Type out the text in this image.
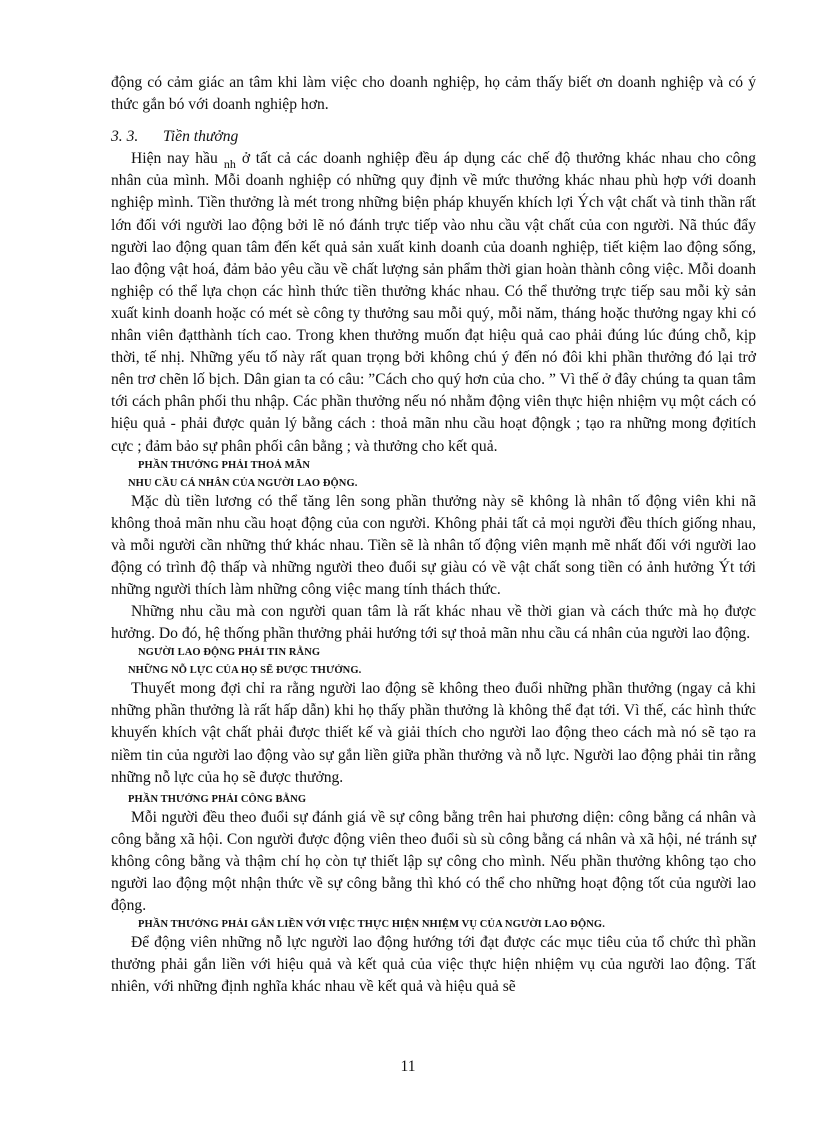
động có cảm giác an tâm khi làm việc cho doanh nghiệp, họ cảm thấy biết ơn doanh nghiệp và có ý thức gắn bó với doanh nghiệp hơn.

3. 3. Tiền thưởng

Hiện nay hầu $_{nh}$ ở tất cả các doanh nghiệp đều áp dụng các chế độ thưởng khác nhau cho công nhân của mình. Mỗi doanh nghiệp có những quy định về mức thưởng khác nhau phù hợp với doanh nghiệp mình. Tiền thưởng là mét trong những biện pháp khuyến khích lợi Ých vật chất và tinh thần rất lớn đối với người lao động bởi lẽ nó đánh trực tiếp vào nhu cầu vật chất của con người. Nã thúc đẩy người lao động quan tâm đến kết quả sản xuất kinh doanh của doanh nghiệp, tiết kiệm lao động sống, lao động vật hoá, đảm bảo yêu cầu về chất lượng sản phẩm thời gian hoàn thành công việc. Mỗi doanh nghiệp có thể lựa chọn các hình thức tiền thưởng khác nhau. Có thể thưởng trực tiếp sau mỗi kỳ sản xuất kinh doanh hoặc có mét sè công ty thưởng sau mỗi quý, mỗi năm, tháng hoặc thưởng ngay khi có nhân viên đạtthành tích cao. Trong khen thưởng muốn đạt hiệu quả cao phải đúng lúc đúng chỗ, kịp thời, tế nhị. Những yếu tố này rất quan trọng bởi không chú ý đến nó đôi khi phần thưởng đó lại trở nên trơ chẽn lố bịch. Dân gian ta có câu: ”Cách cho quý hơn của cho. ” Vì thế ở đây chúng ta quan tâm tới cách phân phối thu nhập. Các phần thưởng nếu nó nhằm động viên thực hiện nhiệm vụ một cách có hiệu quả - phải được quản lý bằng cách : thoả mãn nhu cầu hoạt độngk ; tạo ra những mong đợitích cực ; đảm bảo sự phân phối cân bằng ; và thưởng cho kết quả.

PHẦN THƯỞNG PHẢI THOẢ MÃN

NHU CẦU CÁ NHÂN CỦA NGƯỜI LAO ĐỘNG.

Mặc dù tiền lương có thể tăng lên song phần thưởng này sẽ không là nhân tố động viên khi nã không thoả mãn nhu cầu hoạt động của con người. Không phải tất cả mọi người đều thích giống nhau, và mỗi người cần những thứ khác nhau. Tiền sẽ là nhân tố động viên mạnh mẽ nhất đối với người lao động có trình độ thấp và những người theo đuổi sự giàu có về vật chất song tiền có ảnh hưởng Ýt tới những người thích làm những công việc mang tính thách thức.

Những nhu cầu mà con người quan tâm là rất khác nhau về thời gian và cách thức mà họ được hưởng. Do đó, hệ thống phần thưởng phải hướng tới sự thoả mãn nhu cầu cá nhân của người lao động.

NGƯỜI LAO ĐỘNG PHẢI TIN RẰNG

NHỮNG NỖ LỰC CỦA HỌ SẼ ĐƯỢC THƯỞNG.

Thuyết mong đợi chỉ ra rằng người lao động sẽ không theo đuổi những phần thưởng (ngay cả khi những phần thưởng là rất hấp dẫn) khi họ thấy phần thưởng là không thể đạt tới. Vì thế, các hình thức khuyến khích vật chất phải được thiết kế và giải thích cho người lao động theo cách mà nó sẽ tạo ra niềm tin của người lao động vào sự gắn liền giữa phần thưởng và nỗ lực. Người lao động phải tin rằng những nỗ lực của họ sẽ được thưởng.

PHẦN THƯỞNG PHẢI CÔNG BẰNG

Mỗi người đều theo đuổi sự đánh giá về sự công bằng trên hai phương diện: công bằng cá nhân và công bằng xã hội. Con người được động viên theo đuổi sù sù công bằng cá nhân và xã hội, né tránh sự không công bằng và thậm chí họ còn tự thiết lập sự công cho mình. Nếu phần thưởng không tạo cho người lao động một nhận thức về sự công bằng thì khó có thể cho những hoạt động tốt của người lao động.

PHẦN THƯỞNG PHẢI GẮN LIỀN VỚI VIỆC THỰC HIỆN NHIỆM VỤ CỦA NGƯỜI LAO ĐỘNG.

Để động viên những nỗ lực người lao động hướng tới đạt được các mục tiêu của tổ chức thì phần thưởng phải gắn liền với hiệu quả và kết quả của việc thực hiện nhiệm vụ của người lao động. Tất nhiên, với những định nghĩa khác nhau về kết quả và hiệu quả sẽ

11
